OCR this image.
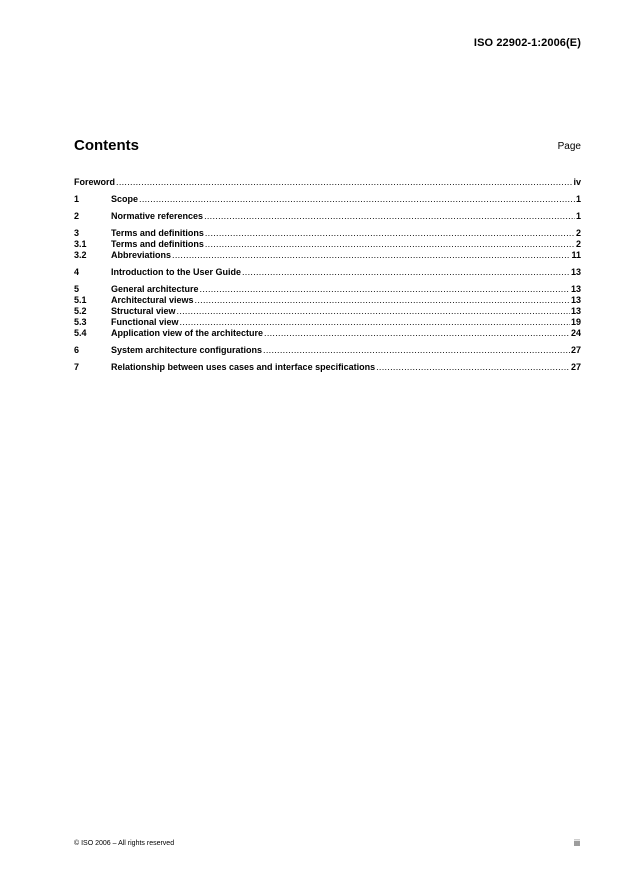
ISO 22902-1:2006(E)
Contents	Page
Foreword .....	iv
1	Scope .....	1
2	Normative references .....	1
3	Terms and definitions .....	2
3.1	Terms and definitions .....	2
3.2	Abbreviations .....	11
4	Introduction to the User Guide .....	13
5	General architecture .....	13
5.1	Architectural views .....	13
5.2	Structural view .....	13
5.3	Functional view .....	19
5.4	Application view of the architecture .....	24
6	System architecture configurations .....	27
7	Relationship between uses cases and interface specifications .....	27
© ISO 2006 – All rights reserved	iii
